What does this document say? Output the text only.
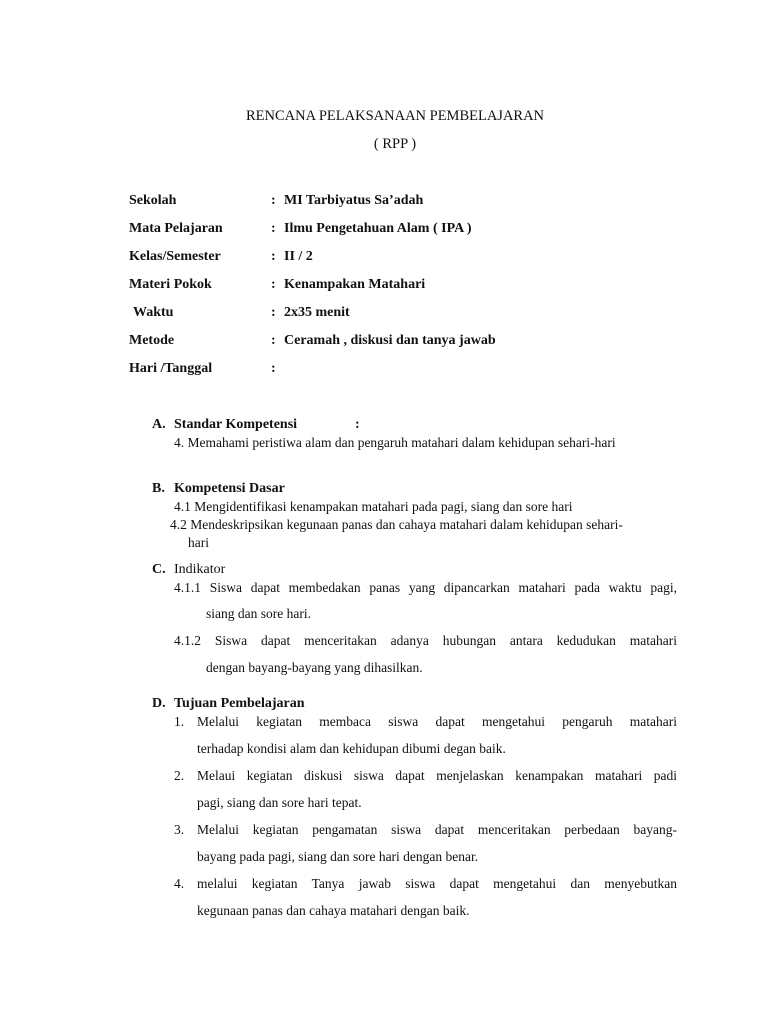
RENCANA PELAKSANAAN PEMBELAJARAN
( RPP )
Sekolah	: MI Tarbiyatus Sa’adah
Mata Pelajaran	: Ilmu Pengetahuan Alam ( IPA )
Kelas/Semester	: II / 2
Materi Pokok	: Kenampakan Matahari
Waktu	: 2x35 menit
Metode	: Ceramah , diskusi dan tanya jawab
Hari /Tanggal	:
A. Standar Kompetensi	:
4. Memahami peristiwa alam dan pengaruh matahari dalam kehidupan sehari-hari
B. Kompetensi Dasar
4.1 Mengidentifikasi kenampakan matahari pada pagi, siang dan sore hari
4.2 Mendeskripsikan kegunaan panas dan cahaya matahari dalam kehidupan sehari-
hari
C. Indikator
4.1.1 Siswa dapat membedakan panas yang dipancarkan matahari pada waktu pagi,
siang dan sore hari.
4.1.2 Siswa dapat menceritakan adanya hubungan antara kedudukan matahari
dengan bayang-bayang yang dihasilkan.
D. Tujuan Pembelajaran
1. Melalui kegiatan membaca siswa dapat mengetahui pengaruh matahari
terhadap kondisi alam dan kehidupan dibumi degan baik.
2. Melaui kegiatan diskusi siswa dapat menjelaskan kenampakan matahari padi
pagi, siang dan sore hari tepat.
3. Melalui kegiatan pengamatan siswa dapat menceritakan perbedaan bayang-
bayang pada pagi, siang dan sore hari dengan benar.
4. melalui kegiatan Tanya jawab siswa dapat mengetahui dan menyebutkan
kegunaan panas dan cahaya matahari dengan baik.
